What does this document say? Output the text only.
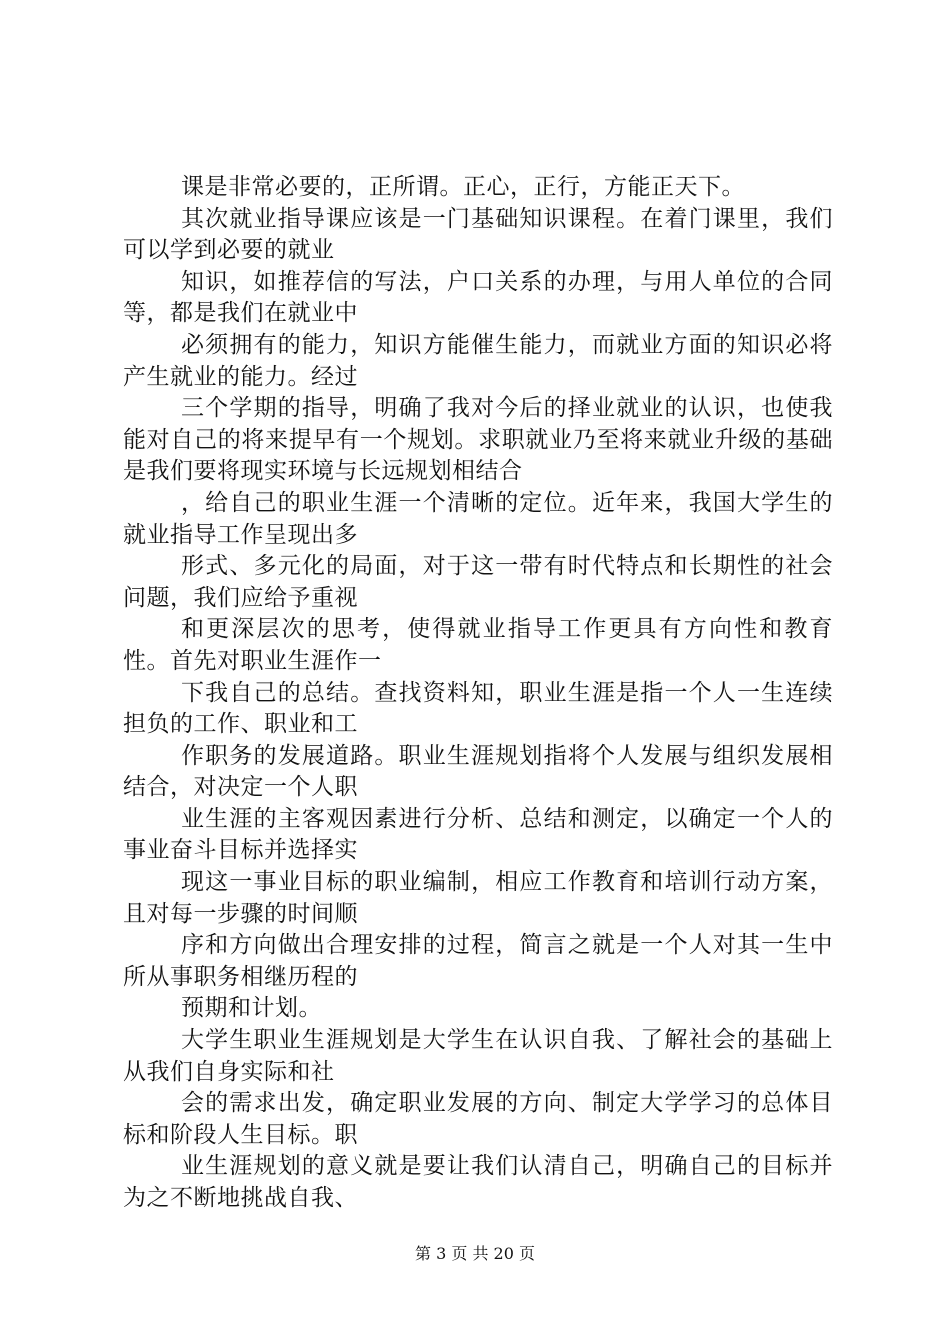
课是非常必要的，正所谓。正心，正行，方能正天下。

其次就业指导课应该是一门基础知识课程。在着门课里，我们可以学到必要的就业

知识，如推荐信的写法，户口关系的办理，与用人单位的合同等，都是我们在就业中

必须拥有的能力，知识方能催生能力，而就业方面的知识必将产生就业的能力。经过

三个学期的指导，明确了我对今后的择业就业的认识，也使我能对自己的将来提早有一个规划。求职就业乃至将来就业升级的基础是我们要将现实环境与长远规划相结合

，给自己的职业生涯一个清晰的定位。近年来，我国大学生的就业指导工作呈现出多

形式、多元化的局面，对于这一带有时代特点和长期性的社会问题，我们应给予重视

和更深层次的思考，使得就业指导工作更具有方向性和教育性。首先对职业生涯作一

下我自己的总结。查找资料知，职业生涯是指一个人一生连续担负的工作、职业和工

作职务的发展道路。职业生涯规划指将个人发展与组织发展相结合，对决定一个人职

业生涯的主客观因素进行分析、总结和测定，以确定一个人的事业奋斗目标并选择实

现这一事业目标的职业编制，相应工作教育和培训行动方案，且对每一步骤的时间顺

序和方向做出合理安排的过程，简言之就是一个人对其一生中所从事职务相继历程的

预期和计划。

大学生职业生涯规划是大学生在认识自我、了解社会的基础上从我们自身实际和社

会的需求出发，确定职业发展的方向、制定大学学习的总体目标和阶段人生目标。职

业生涯规划的意义就是要让我们认清自己，明确自己的目标并为之不断地挑战自我、

第 3 页 共 20 页
